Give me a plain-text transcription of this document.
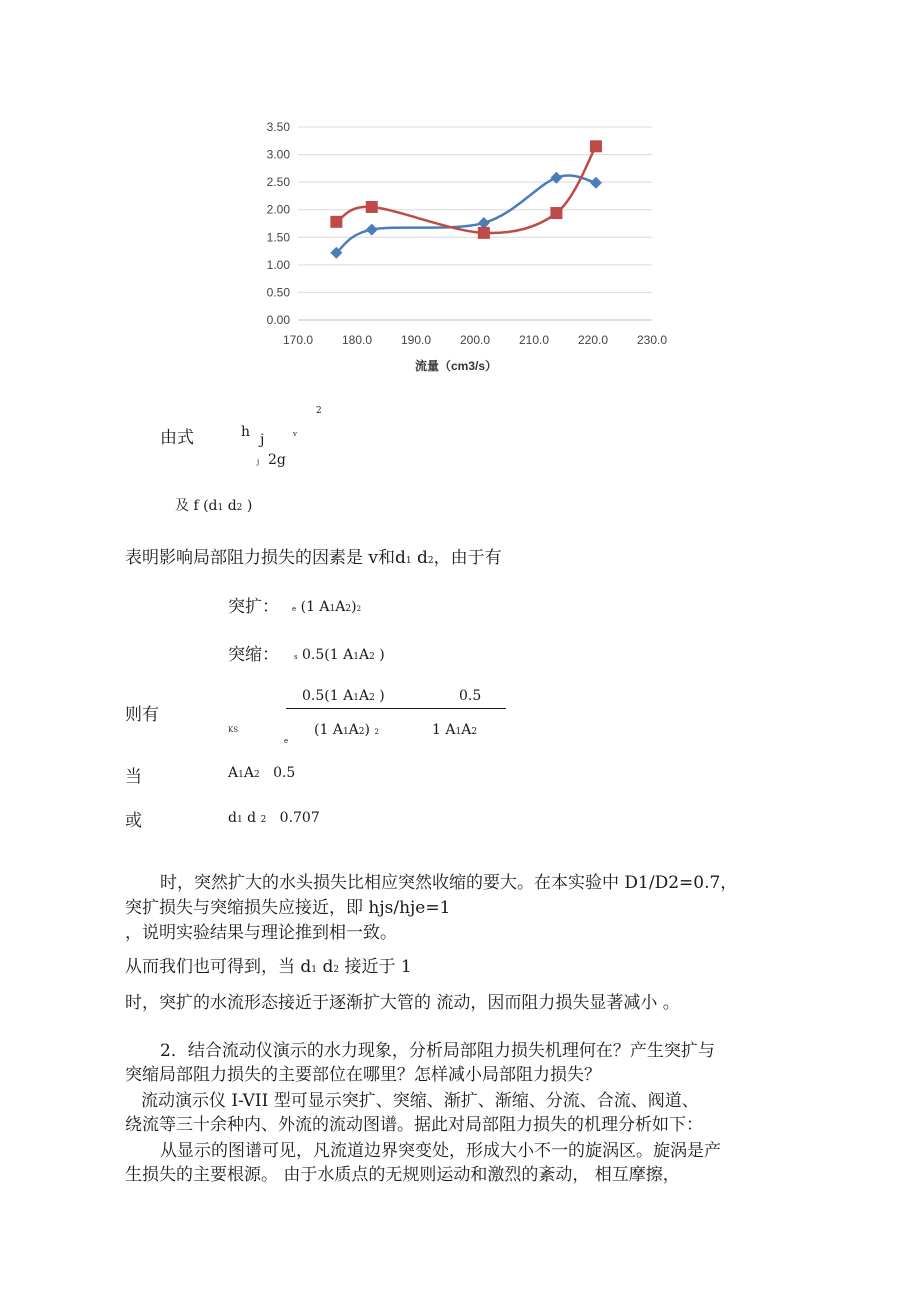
0.00
0.50
1.00
1.50
2.00
2.50
3.00
3.50
170.0 180.0 190.0 200.0 210.0 220.0 230.0
流量（cm3/s）
由式	h j	v
2
j 2g
及 f (d1 d2 )
表明影响局部阻力损失的因素是 v和d1 d2，由于有
突扩： e (1 A1A2)2
突缩： s 0.5(1 A1A2 )
则有
0.5(1 A1A2 )	0.5
KS
e
(1 A1A2) 2	1 A1A2
当	A1A2 0.5
或	d1 d 2 0.707
时，突然扩大的水头损失比相应突然收缩的要大。在本实验中 D1/D2=0.7，
突扩损失与突缩损失应接近，即 hjs/hje=1
，说明实验结果与理论推到相一致。
从而我们也可得到，当 d1 d2 接近于 1
时，突扩的水流形态接近于逐渐扩大管的 流动，因而阻力损失显著减小 。
2．结合流动仪演示的水力现象，分析局部阻力损失机理何在？产生突扩与
突缩局部阻力损失的主要部位在哪里？怎样减小局部阻力损失？
流动演示仪 I-VII 型可显示突扩、突缩、渐扩、渐缩、分流、合流、阀道、
绕流等三十余种内、外流的流动图谱。据此对局部阻力损失的机理分析如下：
从显示的图谱可见，凡流道边界突变处，形成大小不一的旋涡区。旋涡是产
生损失的主要根源。 由于水质点的无规则运动和激烈的紊动， 相互摩擦，
